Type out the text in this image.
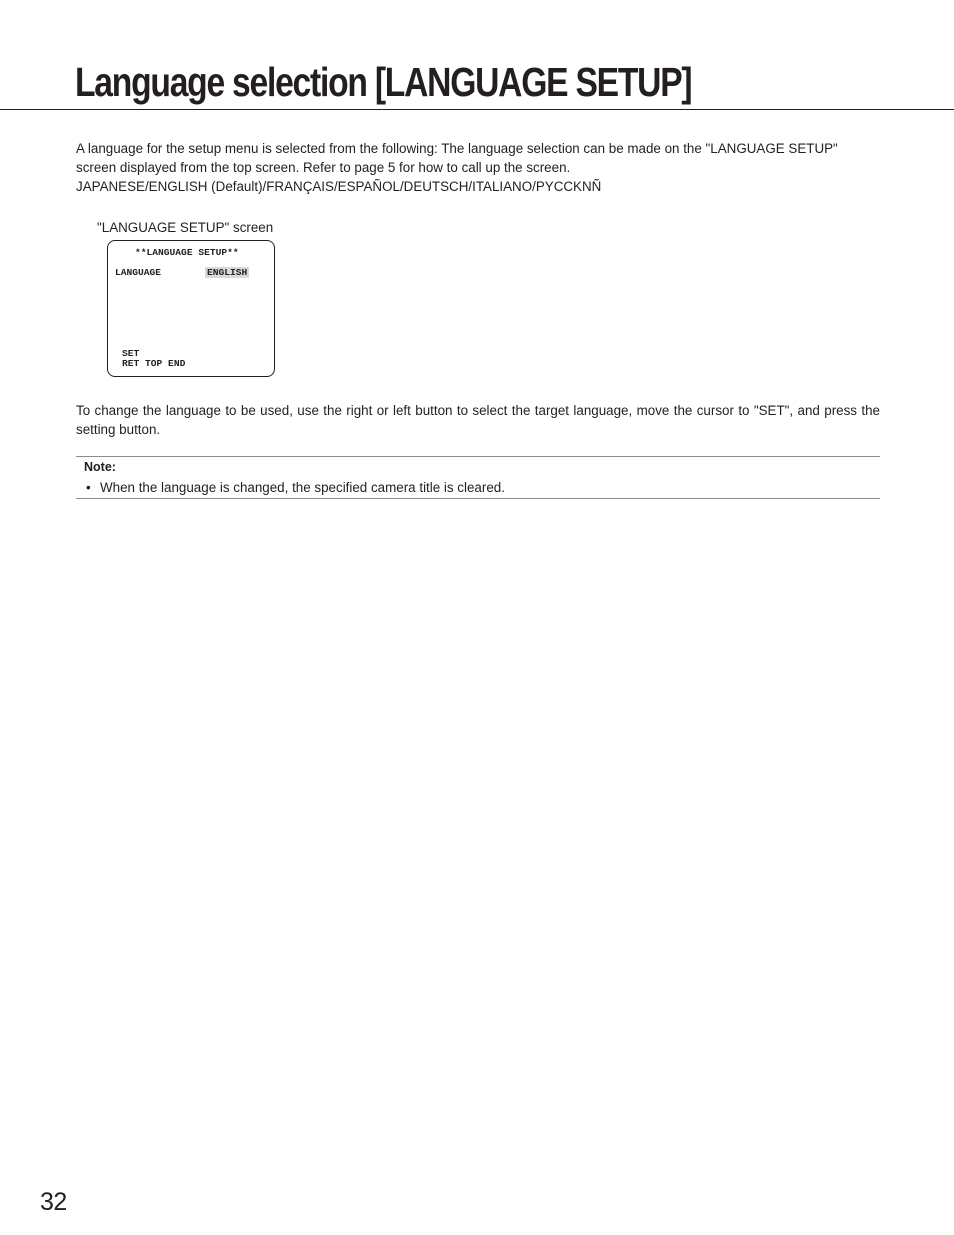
Language selection [LANGUAGE SETUP]

A language for the setup menu is selected from the following: The language selection can be made on the "LANGUAGE SETUP"

screen displayed from the top screen. Refer to page 5 for how to call up the screen.

JAPANESE/ENGLISH (Default)/FRANÇAIS/ESPAÑOL/DEUTSCH/ITALIANO/PYCCKNÑ

"LANGUAGE SETUP" screen
**LANGUAGE SETUP**
LANGUAGE	ENGLISH
SET
RET TOP END

To change the language to be used, use the right or left button to select the target language, move the cursor to "SET", and press the setting button.

Note:
• When the language is changed, the specified camera title is cleared.
32
